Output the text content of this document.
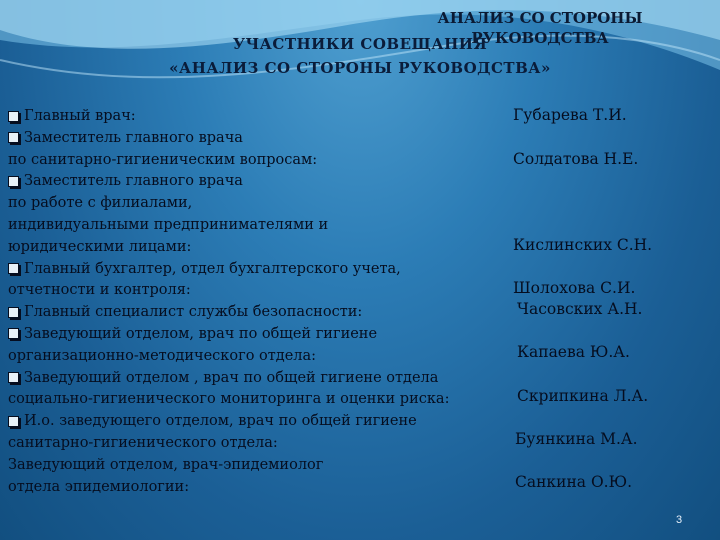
АНАЛИЗ СО СТОРОНЫ РУКОВОДСТВА
УЧАСТНИКИ СОВЕЩАНИЯ
«АНАЛИЗ СО СТОРОНЫ РУКОВОДСТВА»
Главный врач:
Заместитель главного врача
по санитарно-гигиеническим вопросам:
Заместитель главного врача
по работе с филиалами,
индивидуальными предпринимателями и
юридическими лицами:
Главный бухгалтер, отдел бухгалтерского учета,
отчетности и контроля:
Главный специалист службы безопасности:
Заведующий отделом, врач по общей гигиене
организационно-методического отдела:
Заведующий отделом , врач по общей гигиене отдела
социально-гигиенического мониторинга и оценки риска:
И.о. заведующего отделом, врач по общей гигиене
санитарно-гигиенического отдела:
Заведующий отделом, врач-эпидемиолог
отдела эпидемиологии:
Губарева Т.И.
Солдатова Н.Е.
Кислинских С.Н.
Шолохова С.И.
Часовских А.Н.
Капаева Ю.А.
Скрипкина Л.А.
Буянкина М.А.
Санкина О.Ю.
3
